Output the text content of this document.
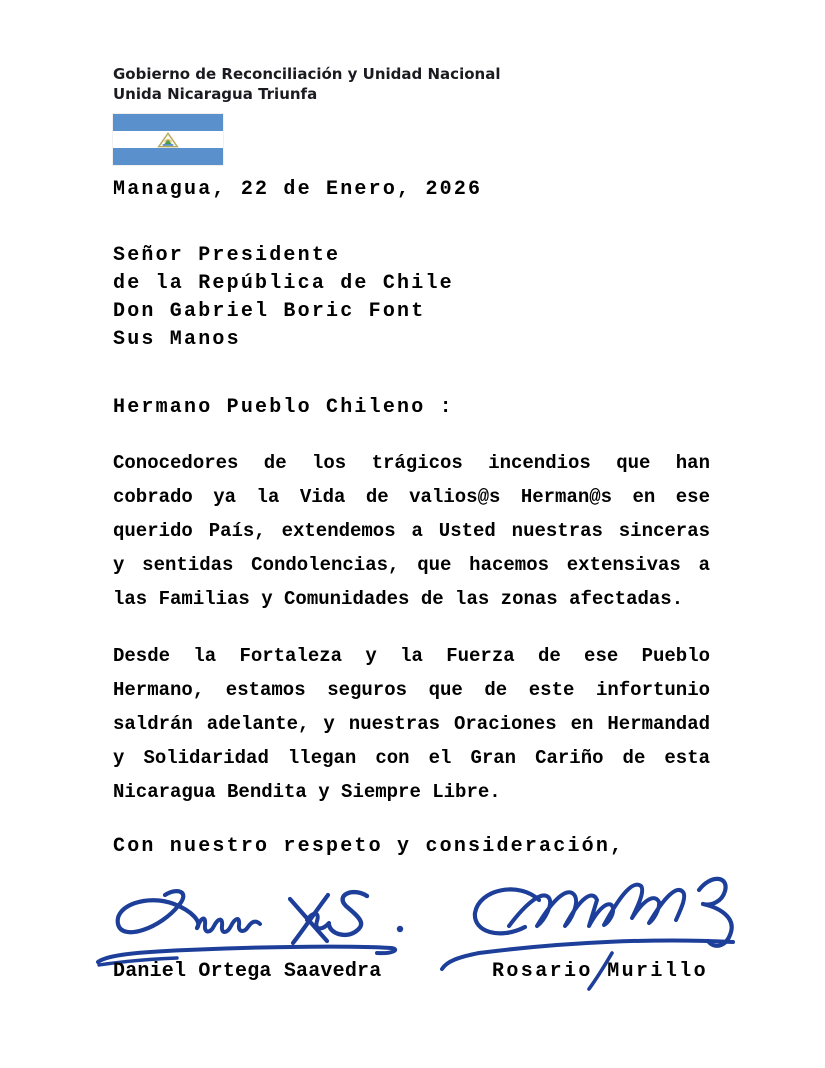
Gobierno de Reconciliación y Unidad Nacional
Unida Nicaragua Triunfa
Managua, 22 de Enero, 2026
Señor Presidente
de la República de Chile
Don Gabriel Boric Font
Sus Manos
Hermano Pueblo Chileno :
Conocedores de los trágicos incendios que han
cobrado ya la Vida de valios@s Herman@s en ese
querido País, extendemos a Usted nuestras sinceras
y sentidas Condolencias, que hacemos extensivas a
las Familias y Comunidades de las zonas afectadas.
Desde la Fortaleza y la Fuerza de ese Pueblo
Hermano, estamos seguros que de este infortunio
saldrán adelante, y nuestras Oraciones en Hermandad
y Solidaridad llegan con el Gran Cariño de esta
Nicaragua Bendita y Siempre Libre.
Con nuestro respeto y consideración,
Daniel Ortega Saavedra	Rosario Murillo
